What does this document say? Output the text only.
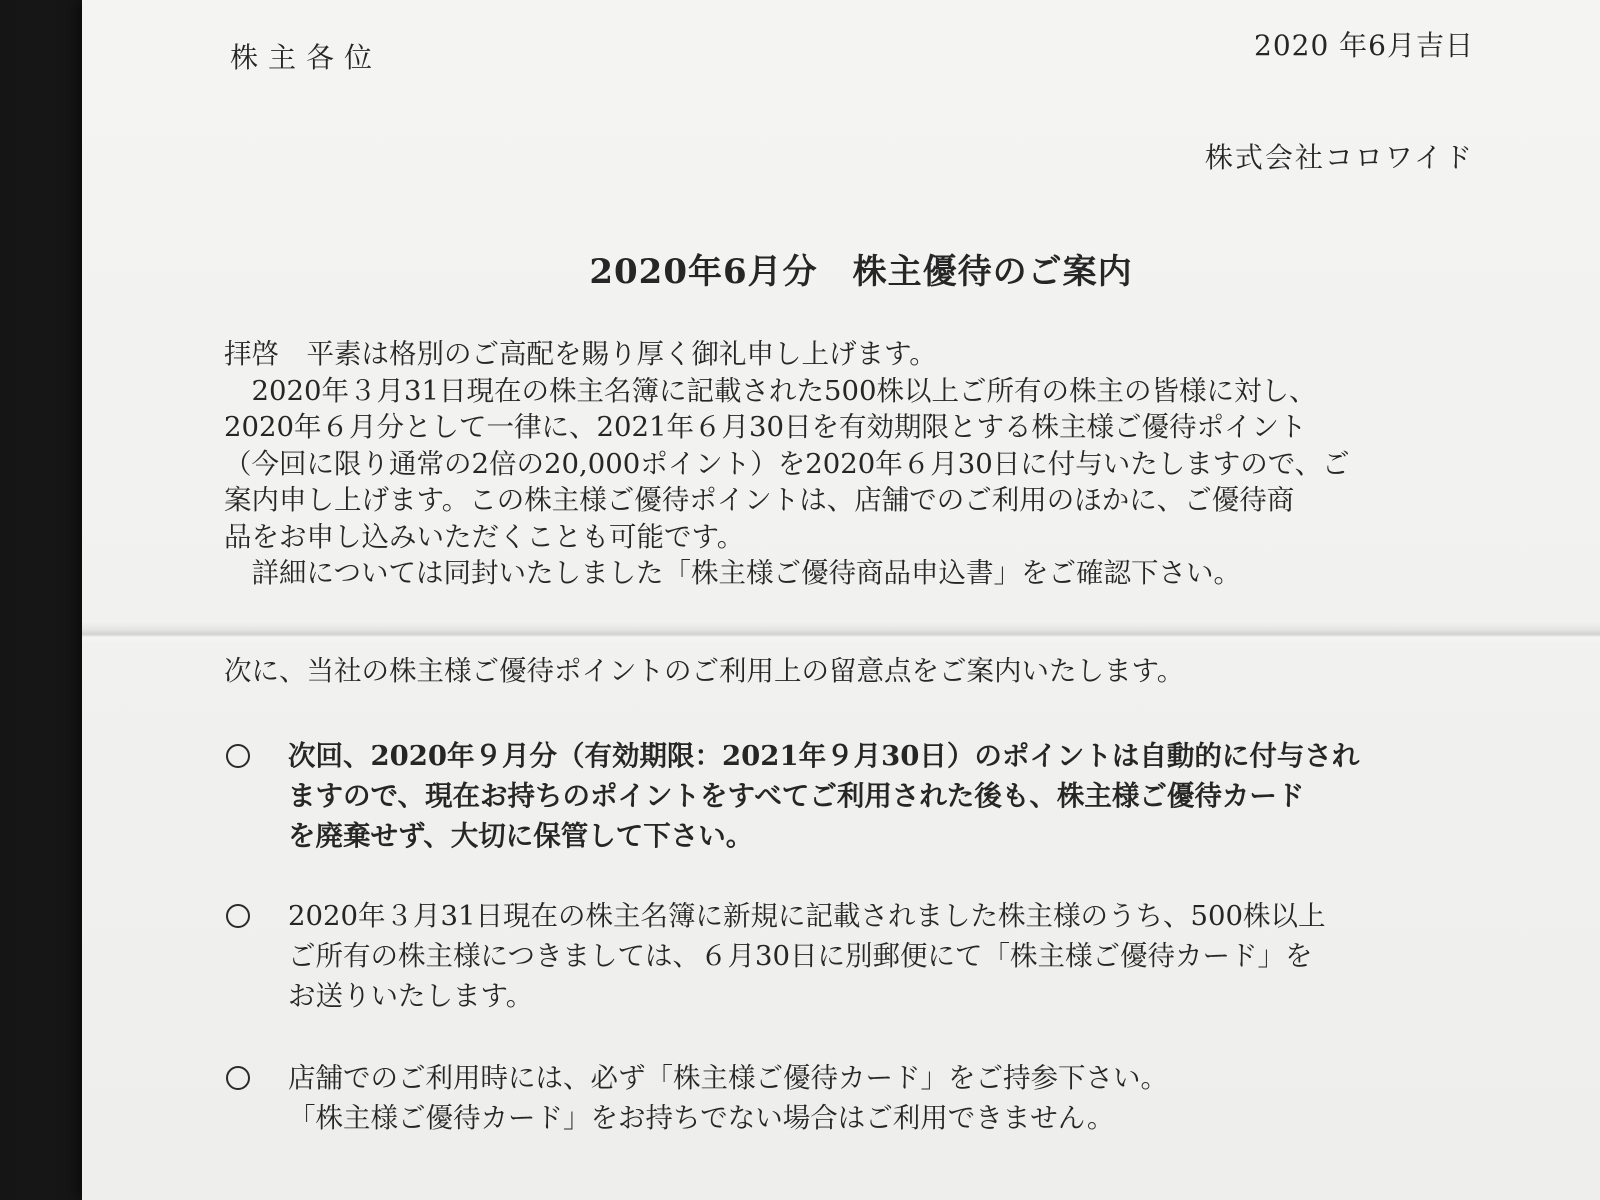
株主各位	2020 年6月吉日
株式会社コロワイド
2020年6月分　株主優待のご案内
拝啓　平素は格別のご高配を賜り厚く御礼申し上げます。
　2020年３月31日現在の株主名簿に記載された500株以上ご所有の株主の皆様に対し、
2020年６月分として一律に、2021年６月30日を有効期限とする株主様ご優待ポイント
（今回に限り通常の2倍の20,000ポイント）を2020年６月30日に付与いたしますので、ご
案内申し上げます。この株主様ご優待ポイントは、店舗でのご利用のほかに、ご優待商
品をお申し込みいただくことも可能です。
　詳細については同封いたしました「株主様ご優待商品申込書」をご確認下さい。
次に、当社の株主様ご優待ポイントのご利用上の留意点をご案内いたします。
次回、2020年９月分（有効期限：2021年９月30日）のポイントは自動的に付与され
ますので、現在お持ちのポイントをすべてご利用された後も、株主様ご優待カード
を廃棄せず、大切に保管して下さい。
2020年３月31日現在の株主名簿に新規に記載されました株主様のうち、500株以上
ご所有の株主様につきましては、６月30日に別郵便にて「株主様ご優待カード」を
お送りいたします。
店舗でのご利用時には、必ず「株主様ご優待カード」をご持参下さい。
「株主様ご優待カード」をお持ちでない場合はご利用できません。
